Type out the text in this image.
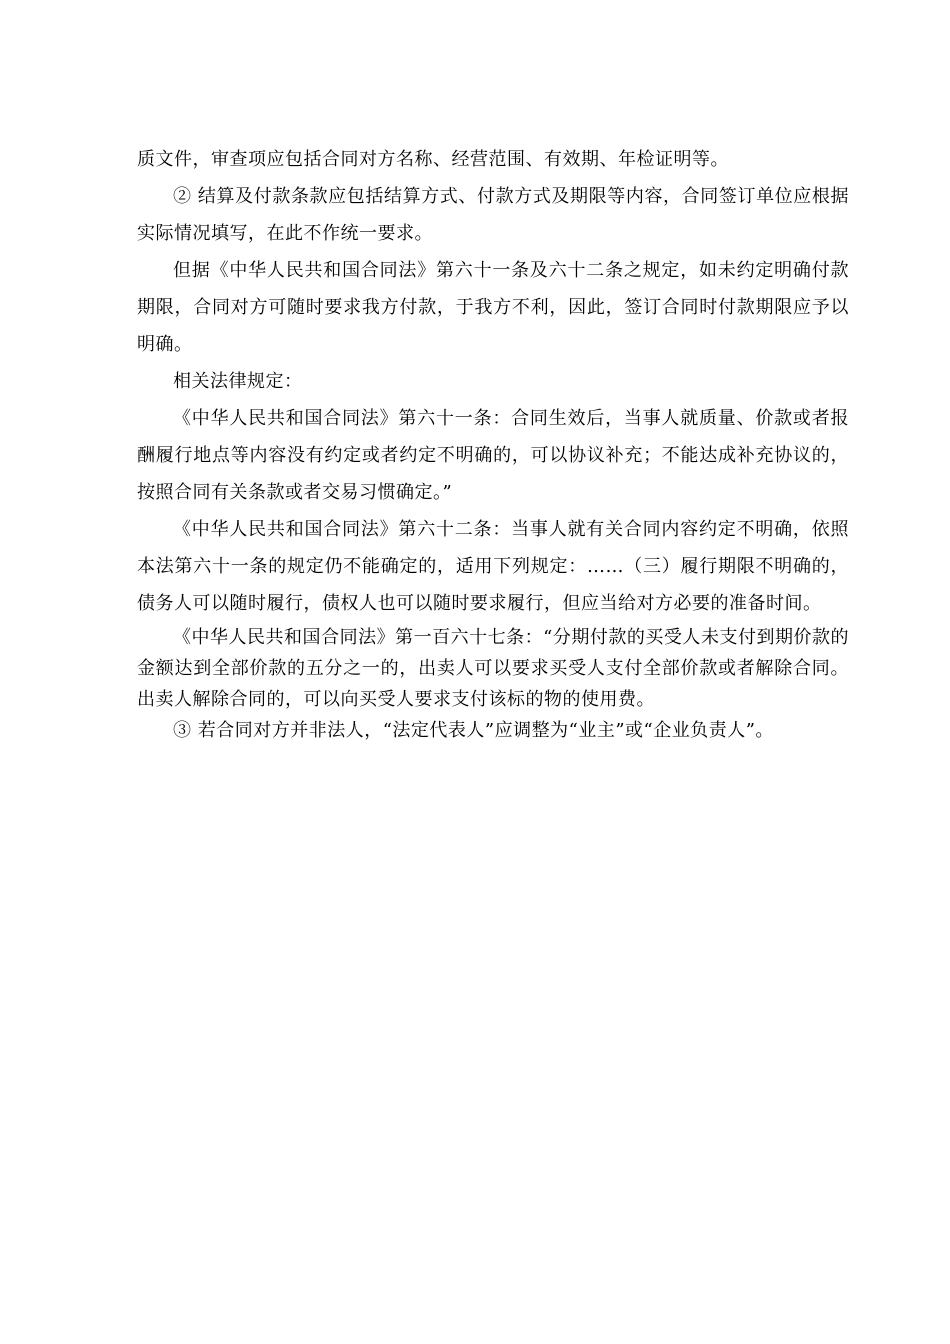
质文件，审查项应包括合同对方名称、经营范围、有效期、年检证明等。

② 结算及付款条款应包括结算方式、付款方式及期限等内容，合同签订单位应根据实际情况填写，在此不作统一要求。

但据《中华人民共和国合同法》第六十一条及六十二条之规定，如未约定明确付款期限，合同对方可随时要求我方付款，于我方不利，因此，签订合同时付款期限应予以明确。

相关法律规定：

《中华人民共和国合同法》第六十一条：合同生效后，当事人就质量、价款或者报酬履行地点等内容没有约定或者约定不明确的，可以协议补充；不能达成补充协议的，按照合同有关条款或者交易习惯确定。”

《中华人民共和国合同法》第六十二条：当事人就有关合同内容约定不明确，依照本法第六十一条的规定仍不能确定的，适用下列规定：……（三）履行期限不明确的，债务人可以随时履行，债权人也可以随时要求履行，但应当给对方必要的准备时间。

《中华人民共和国合同法》第一百六十七条：“分期付款的买受人未支付到期价款的金额达到全部价款的五分之一的，出卖人可以要求买受人支付全部价款或者解除合同。出卖人解除合同的，可以向买受人要求支付该标的物的使用费。

③ 若合同对方并非法人，“法定代表人”应调整为“业主”或“企业负责人”。
